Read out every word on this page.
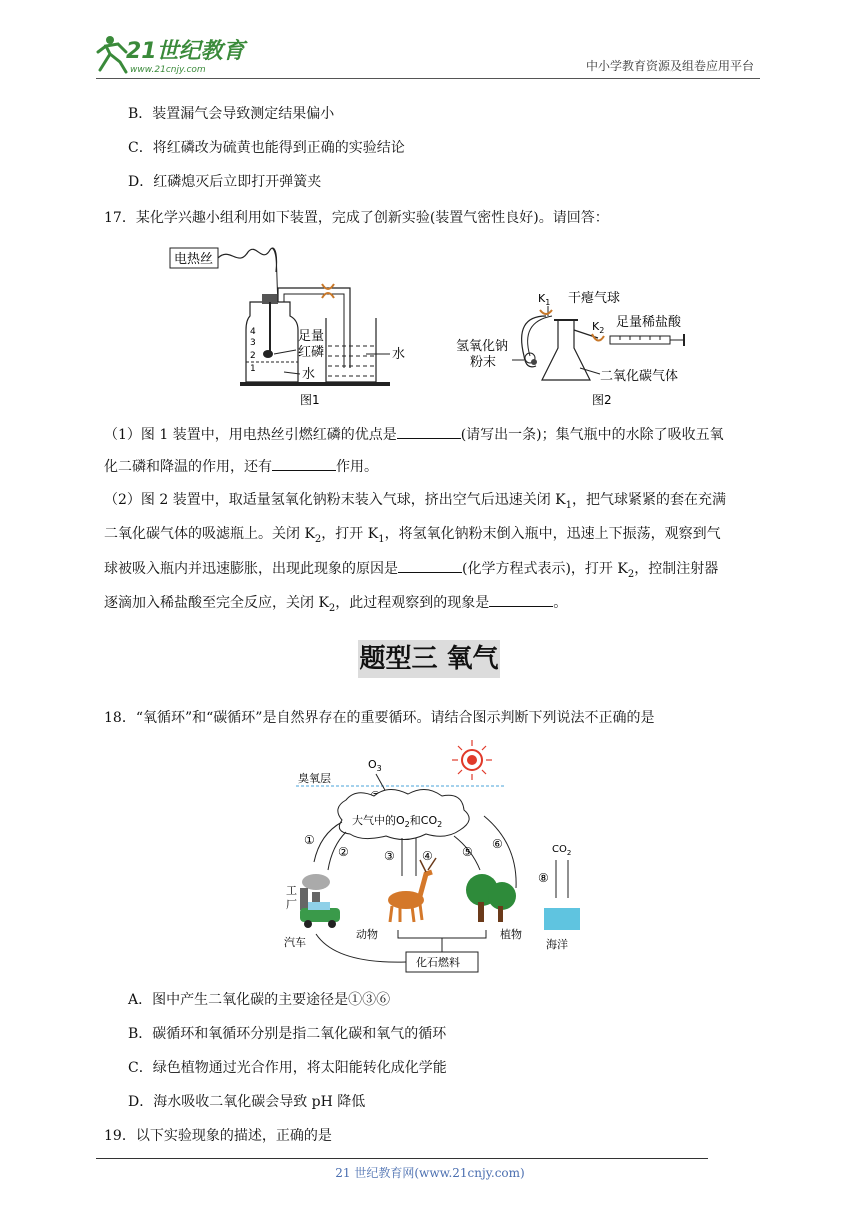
21世纪教育
www.21cnjy.com	中小学教育资源及组卷应用平台
B．装置漏气会导致测定结果偏小
C．将红磷改为硫黄也能得到正确的实验结论
D．红磷熄灭后立即打开弹簧夹
17．某化学兴趣小组利用如下装置，完成了创新实验(装置气密性良好)。请回答：
电热丝
4
3
2
1
足量
红磷
水
水
图1
$K_1$ 干瘪气球
$K_2$
足量稀盐酸
氢氧化钠
粉末
二氧化碳气体
图2
（1）图 1 装置中，用电热丝引燃红磷的优点是	(请写出一条)；集气瓶中的水除了吸收五氧
化二磷和降温的作用，还有	作用。
（2）图 2 装置中，取适量氢氧化钠粉末装入气球，挤出空气后迅速关闭 $K_1$，把气球紧紧的套在充满
二氧化碳气体的吸滤瓶上。关闭 $K_2$，打开 $K_1$，将氢氧化钠粉末倒入瓶中，迅速上下振荡，观察到气
球被吸入瓶内并迅速膨胀，出现此现象的原因是	(化学方程式表示)，打开 $K_2$，控制注射器
逐滴加入稀盐酸至完全反应，关闭 $K_2$，此过程观察到的现象是	。
题型三 氧气
18．“氧循环”和“碳循环”是自然界存在的重要循环。请结合图示判断下列说法不正确的是
$O_3$
臭氧层
大气中的$O_2$和$CO_2$
①
②	③ ④ ⑤
⑥
工
厂
汽车
动物	植物
$CO_2$
⑧
海洋
化石燃料
A．图中产生二氧化碳的主要途径是①③⑥
B．碳循环和氧循环分别是指二氧化碳和氧气的循环
C．绿色植物通过光合作用，将太阳能转化成化学能
D．海水吸收二氧化碳会导致 pH 降低
19．以下实验现象的描述，正确的是
21 世纪教育网(www.21cnjy.com)
